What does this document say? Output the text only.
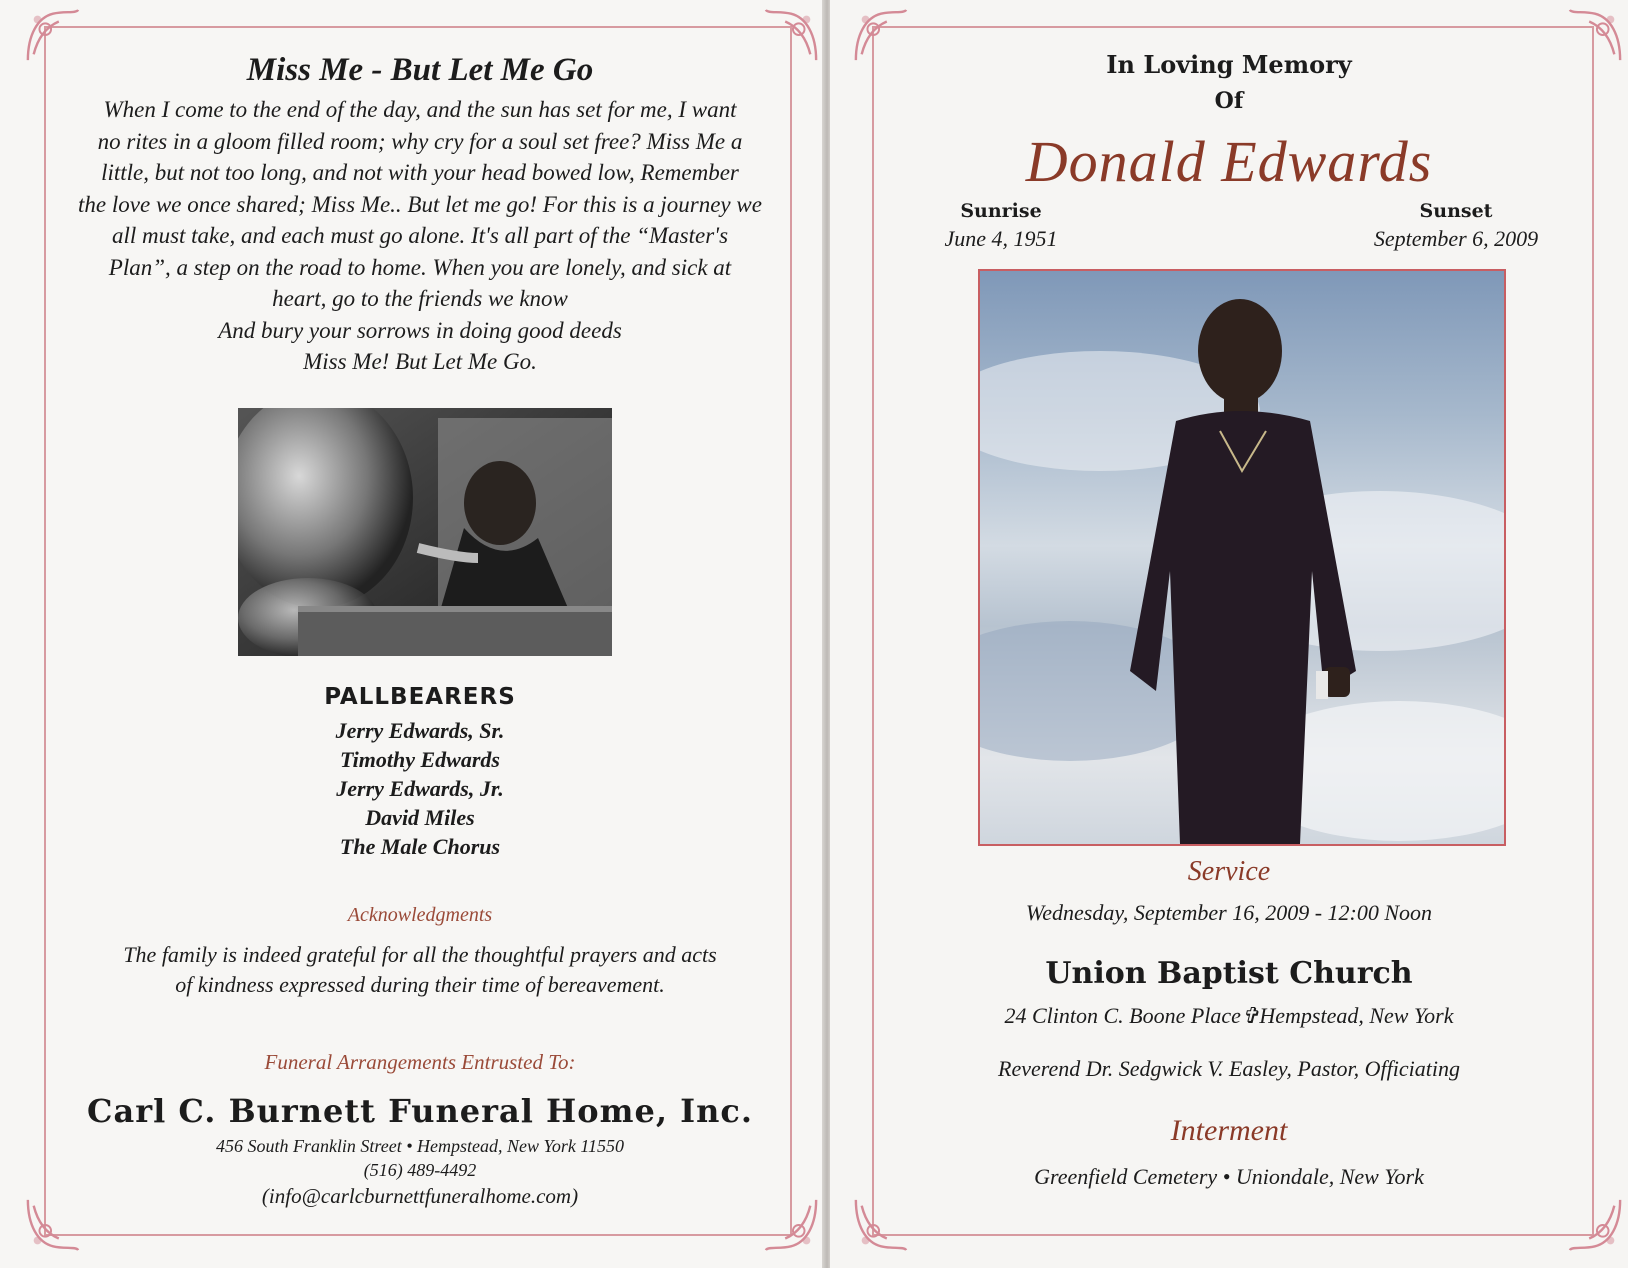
Miss Me - But Let Me Go
When I come to the end of the day, and the sun has set for me, I want
no rites in a gloom filled room; why cry for a soul set free? Miss Me a
little, but not too long, and not with your head bowed low, Remember
the love we once shared; Miss Me.. But let me go! For this is a journey we
all must take, and each must go alone. It's all part of the “Master's
Plan”, a step on the road to home. When you are lonely, and sick at
heart, go to the friends we know
And bury your sorrows in doing good deeds
Miss Me! But Let Me Go.
PALLBEARERS
Jerry Edwards, Sr.
Timothy Edwards
Jerry Edwards, Jr.
David Miles
The Male Chorus
Acknowledgments
The family is indeed grateful for all the thoughtful prayers and acts
of kindness expressed during their time of bereavement.
Funeral Arrangements Entrusted To:
Carl C. Burnett Funeral Home, Inc.
456 South Franklin Street • Hempstead, New York 11550
(516) 489-4492
(info@carlcburnettfuneralhome.com)
In Loving Memory
Of
Donald Edwards
Sunrise
June 4, 1951
Sunset
September 6, 2009
Service
Wednesday, September 16, 2009 - 12:00 Noon
Union Baptist Church
24 Clinton C. Boone Place✞Hempstead, New York
Reverend Dr. Sedgwick V. Easley, Pastor, Officiating
Interment
Greenfield Cemetery • Uniondale, New York
